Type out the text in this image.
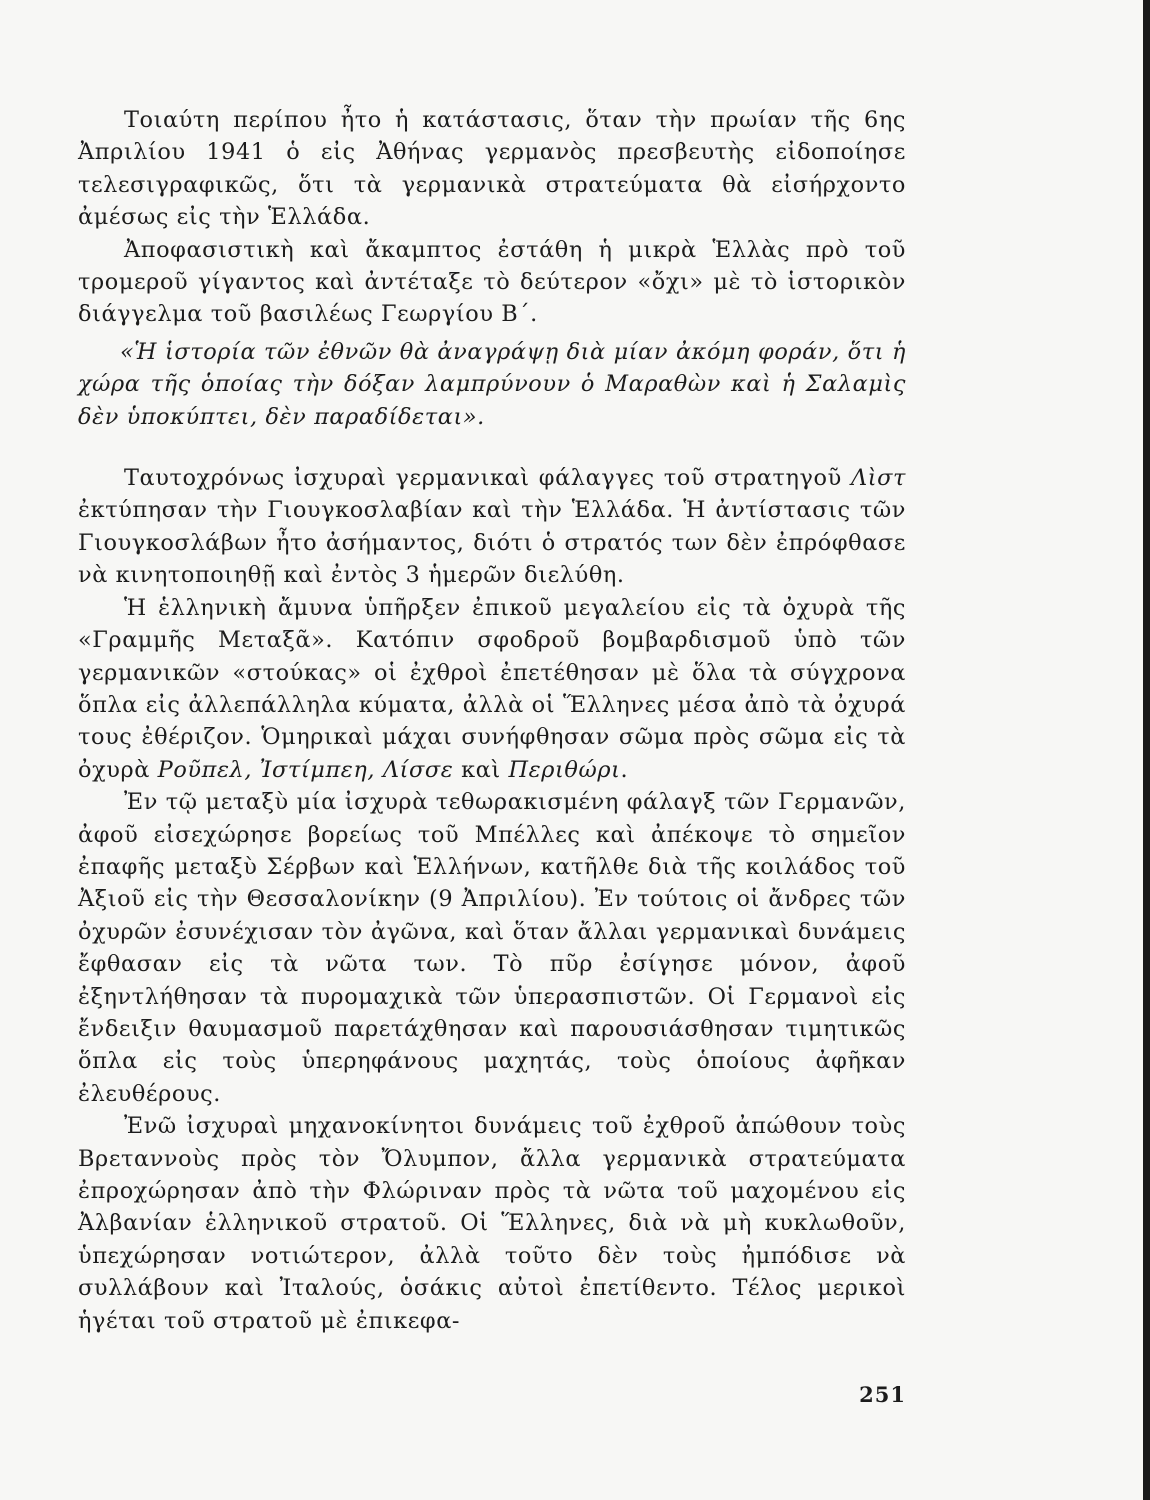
Τοιαύτη περίπου ἦτο ἡ κατάστασις, ὅταν τὴν πρωίαν τῆς 6ης Ἀπριλίου 1941 ὁ εἰς Ἀθήνας γερμανὸς πρεσβευτὴς εἰδοποίησε τελεσιγραφικῶς, ὅτι τὰ γερμανικὰ στρατεύματα θὰ εἰσήρχοντο ἀμέσως εἰς τὴν Ἑλλάδα.

Ἀποφασιστικὴ καὶ ἄκαμπτος ἐστάθη ἡ μικρὰ Ἑλλὰς πρὸ τοῦ τρομεροῦ γίγαντος καὶ ἀντέταξε τὸ δεύτερον «ὄχι» μὲ τὸ ἱστορικὸν διάγγελμα τοῦ βασιλέως Γεωργίου Β΄.

«Ἡ ἱστορία τῶν ἐθνῶν θὰ ἀναγράψῃ διὰ μίαν ἀκόμη φοράν, ὅτι ἡ χώρα τῆς ὁποίας τὴν δόξαν λαμπρύνουν ὁ Μαραθὼν καὶ ἡ Σαλαμὶς δὲν ὑποκύπτει, δὲν παραδίδεται».

Ταυτοχρόνως ἰσχυραὶ γερμανικαὶ φάλαγγες τοῦ στρατηγοῦ Λὶστ ἐκτύπησαν τὴν Γιουγκοσλαβίαν καὶ τὴν Ἑλλάδα. Ἡ ἀντίστασις τῶν Γιουγκοσλάβων ἦτο ἀσήμαντος, διότι ὁ στρατός των δὲν ἐπρόφθασε νὰ κινητοποιηθῇ καὶ ἐντὸς 3 ἡμερῶν διελύθη.

Ἡ ἑλληνικὴ ἄμυνα ὑπῆρξεν ἐπικοῦ μεγαλείου εἰς τὰ ὀχυρὰ τῆς «Γραμμῆς Μεταξᾶ». Κατόπιν σφοδροῦ βομβαρδισμοῦ ὑπὸ τῶν γερμανικῶν «στούκας» οἱ ἐχθροὶ ἐπετέθησαν μὲ ὅλα τὰ σύγχρονα ὅπλα εἰς ἀλλεπάλληλα κύματα, ἀλλὰ οἱ Ἕλληνες μέσα ἀπὸ τὰ ὀχυρά τους ἐθέριζον. Ὁμηρικαὶ μάχαι συνήφθησαν σῶμα πρὸς σῶμα εἰς τὰ ὀχυρὰ Ροῦπελ, Ἰστίμπεη, Λίσσε καὶ Περιθώρι.

Ἐν τῷ μεταξὺ μία ἰσχυρὰ τεθωρακισμένη φάλαγξ τῶν Γερμανῶν, ἀφοῦ εἰσεχώρησε βορείως τοῦ Μπέλλες καὶ ἀπέκοψε τὸ σημεῖον ἐπαφῆς μεταξὺ Σέρβων καὶ Ἑλλήνων, κατῆλθε διὰ τῆς κοιλάδος τοῦ Ἀξιοῦ εἰς τὴν Θεσσαλονίκην (9 Ἀπριλίου). Ἐν τούτοις οἱ ἄνδρες τῶν ὀχυρῶν ἐσυνέχισαν τὸν ἀγῶνα, καὶ ὅταν ἄλλαι γερμανικαὶ δυνάμεις ἔφθασαν εἰς τὰ νῶτα των. Τὸ πῦρ ἐσίγησε μόνον, ἀφοῦ ἐξηντλήθησαν τὰ πυρομαχικὰ τῶν ὑπερασπιστῶν. Οἱ Γερμανοὶ εἰς ἔνδειξιν θαυμασμοῦ παρετάχθησαν καὶ παρουσιάσθησαν τιμητικῶς ὅπλα εἰς τοὺς ὑπερηφάνους μαχητάς, τοὺς ὁποίους ἀφῆκαν ἐλευθέρους.

Ἐνῶ ἰσχυραὶ μηχανοκίνητοι δυνάμεις τοῦ ἐχθροῦ ἀπώθουν τοὺς Βρεταννοὺς πρὸς τὸν Ὄλυμπον, ἄλλα γερμανικὰ στρατεύματα ἐπροχώρησαν ἀπὸ τὴν Φλώριναν πρὸς τὰ νῶτα τοῦ μαχομένου εἰς Ἀλβανίαν ἑλληνικοῦ στρατοῦ. Οἱ Ἕλληνες, διὰ νὰ μὴ κυκλωθοῦν, ὑπεχώρησαν νοτιώτερον, ἀλλὰ τοῦτο δὲν τοὺς ἠμπόδισε νὰ συλλάβουν καὶ Ἰταλούς, ὁσάκις αὐτοὶ ἐπετίθεντο. Τέλος μερικοὶ ἡγέται τοῦ στρατοῦ μὲ ἐπικεφα-

251
